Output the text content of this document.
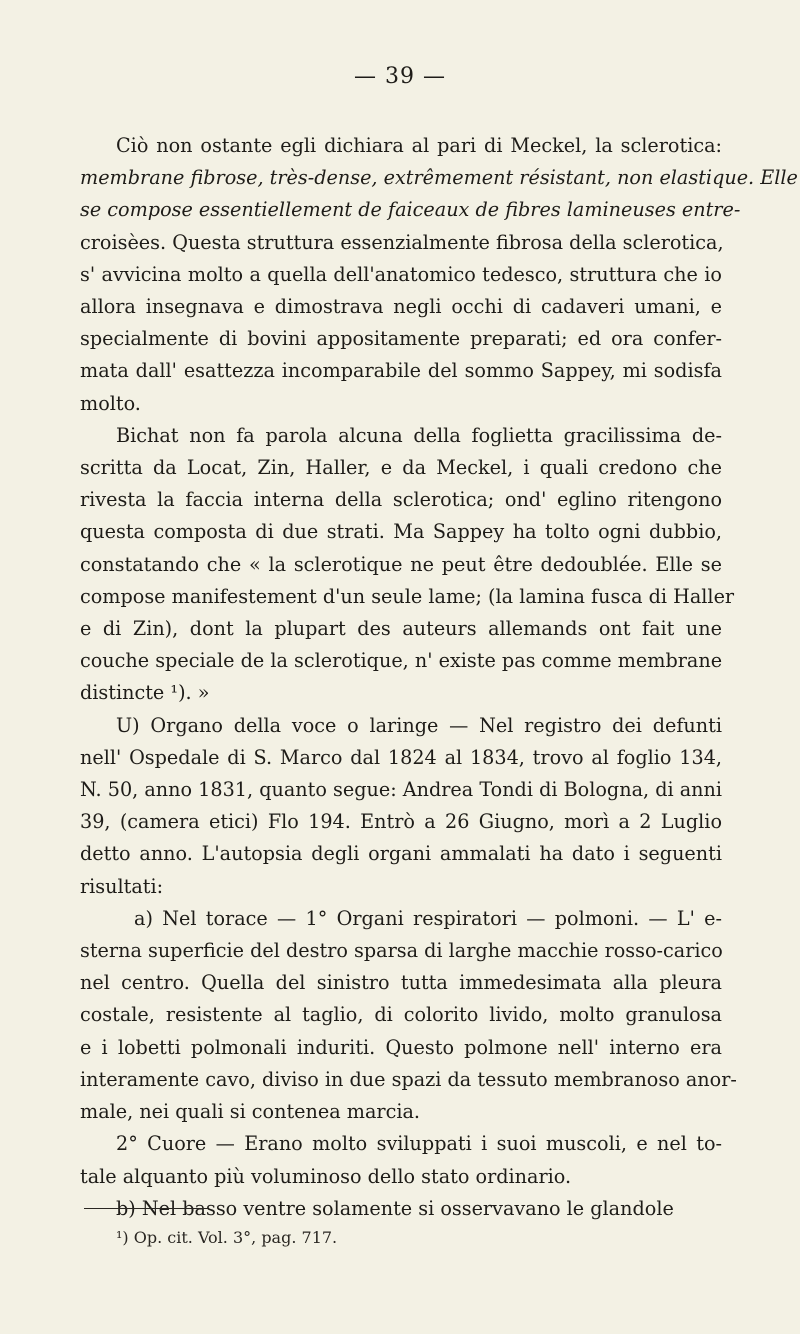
— 39 —
Ciò non ostante egli dichiara al pari di Meckel, la sclerotica:
membrane fibrose, très-dense, extrêmement résistant, non elastique. Elle
se compose essentiellement de faiceaux de fibres lamineuses entre-
croisèes. Questa struttura essenzialmente fibrosa della sclerotica,
s' avvicina molto a quella dell'anatomico tedesco, struttura che io
allora insegnava e dimostrava negli occhi di cadaveri umani, e
specialmente di bovini appositamente preparati; ed ora confer-
mata dall' esattezza incomparabile del sommo Sappey, mi sodisfa
molto.
Bichat non fa parola alcuna della foglietta gracilissima de-
scritta da Locat, Zin, Haller, e da Meckel, i quali credono che
rivesta la faccia interna della sclerotica; ond' eglino ritengono
questa composta di due strati. Ma Sappey ha tolto ogni dubbio,
constatando che « la sclerotique ne peut être dedoublée. Elle se
compose manifestement d'un seule lame; (la lamina fusca di Haller
e di Zin), dont la plupart des auteurs allemands ont fait une
couche speciale de la sclerotique, n' existe pas comme membrane
distincte ¹). »
U) Organo della voce o laringe — Nel registro dei defunti
nell' Ospedale di S. Marco dal 1824 al 1834, trovo al foglio 134,
N. 50, anno 1831, quanto segue: Andrea Tondi di Bologna, di anni
39, (camera etici) Flo 194. Entrò a 26 Giugno, morì a 2 Luglio
detto anno. L'autopsia degli organi ammalati ha dato i seguenti
risultati:
a) Nel torace — 1° Organi respiratori — polmoni. — L' e-
sterna superficie del destro sparsa di larghe macchie rosso-carico
nel centro. Quella del sinistro tutta immedesimata alla pleura
costale, resistente al taglio, di colorito livido, molto granulosa
e i lobetti polmonali induriti. Questo polmone nell' interno era
interamente cavo, diviso in due spazi da tessuto membranoso anor-
male, nei quali si contenea marcia.
2° Cuore — Erano molto sviluppati i suoi muscoli, e nel to-
tale alquanto più voluminoso dello stato ordinario.
b) Nel basso ventre solamente si osservavano le glandole
¹) Op. cit. Vol. 3°, pag. 717.
